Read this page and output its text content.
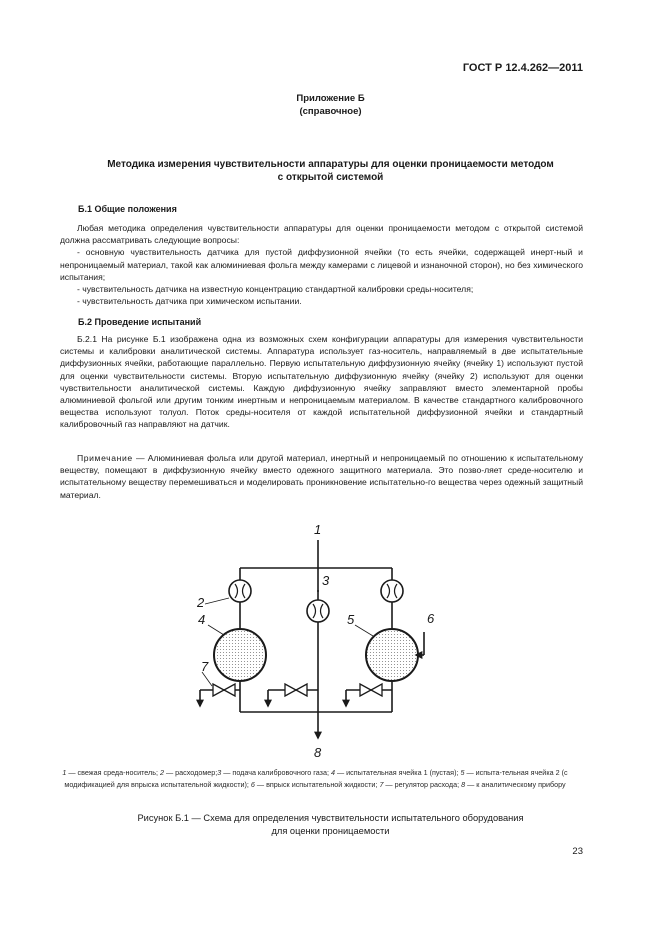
ГОСТ Р 12.4.262—2011
Приложение Б
(справочное)
Методика измерения чувствительности аппаратуры для оценки проницаемости методом
с открытой системой
Б.1 Общие положения

Любая методика определения чувствительности аппаратуры для оценки проницаемости методом с открытой системой должна рассматривать следующие вопросы:

- основную чувствительность датчика для пустой диффузионной ячейки (то есть ячейки, содержащей инерт-ный и непроницаемый материал, такой как алюминиевая фольга между камерами с лицевой и изнаночной сторон), но без химического испытания;

- чувствительность датчика на известную концентрацию стандартной калибровки среды-носителя;

- чувствительность датчика при химическом испытании.

Б.2 Проведение испытаний

Б.2.1 На рисунке Б.1 изображена одна из возможных схем конфигурации аппаратуры для измерения чувствительности системы и калибровки аналитической системы. Аппаратура использует газ-носитель, направляемый в две испытательные диффузионных ячейки, работающие параллельно. Первую испытательную диффузионную ячейку (ячейку 1) используют пустой для оценки чувствительности системы. Вторую испытательную диффузионную ячейку (ячейку 2) используют для оценки чувствительности аналитической системы. Каждую диффузионную ячейку заправляют вместо элементарной пробы алюминиевой фольгой или другим тонким инертным и непроницаемым материалом. В качестве стандартного калибровочного вещества используют толуол. Поток среды-носителя от каждой испытательной диффузионной ячейки и стандартный калибровочный газ направляют на датчик.

Примечание — Алюминиевая фольга или другой материал, инертный и непроницаемый по отношению к испытательному веществу, помещают в диффузионную ячейку вместо одежного защитного материала. Это позво-ляет среде-носителю и испытательному веществу перемешиваться и моделировать проникновение испытательно-го вещества через одежный защитный материал.

1
2
3
4	5	6
7
8
1 — свежая среда-носитель; 2 — расходомер;3 — подача калибровочного газа; 4 — испытательная ячейка 1 (пустая); 5 — испыта-тельная ячейка 2 (с модификацией для впрыска испытательной жидкости); 6 — впрыск испытательной жидкости; 7 — регулятор расхода; 8 — к аналитическому прибору
Рисунок Б.1 — Схема для определения чувствительности испытательного оборудования
для оценки проницаемости
23
